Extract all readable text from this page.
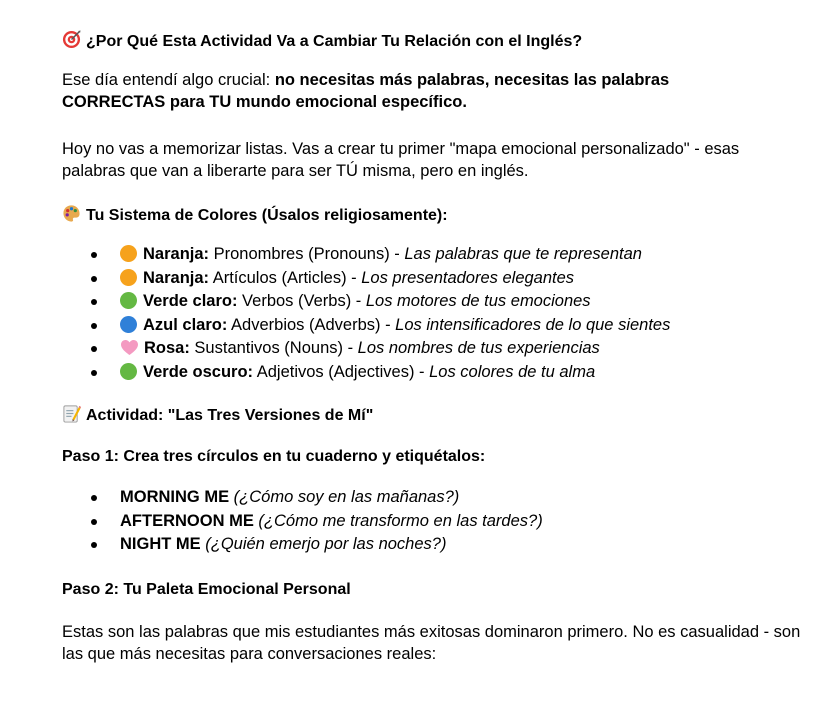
¿Por Qué Esta Actividad Va a Cambiar Tu Relación con el Inglés?
Ese día entendí algo crucial: no necesitas más palabras, necesitas las palabras CORRECTAS para TU mundo emocional específico.
Hoy no vas a memorizar listas. Vas a crear tu primer "mapa emocional personalizado" - esas palabras que van a liberarte para ser TÚ misma, pero en inglés.
Tu Sistema de Colores (Úsalos religiosamente):
Naranja: Pronombres (Pronouns) - Las palabras que te representan
Naranja: Artículos (Articles) - Los presentadores elegantes
Verde claro: Verbos (Verbs) - Los motores de tus emociones
Azul claro: Adverbios (Adverbs) - Los intensificadores de lo que sientes
Rosa: Sustantivos (Nouns) - Los nombres de tus experiencias
Verde oscuro: Adjetivos (Adjectives) - Los colores de tu alma
Actividad: "Las Tres Versiones de Mí"
Paso 1: Crea tres círculos en tu cuaderno y etiquétalos:
MORNING ME (¿Cómo soy en las mañanas?)
AFTERNOON ME (¿Cómo me transformo en las tardes?)
NIGHT ME (¿Quién emerjo por las noches?)
Paso 2: Tu Paleta Emocional Personal
Estas son las palabras que mis estudiantes más exitosas dominaron primero. No es casualidad - son las que más necesitas para conversaciones reales:
